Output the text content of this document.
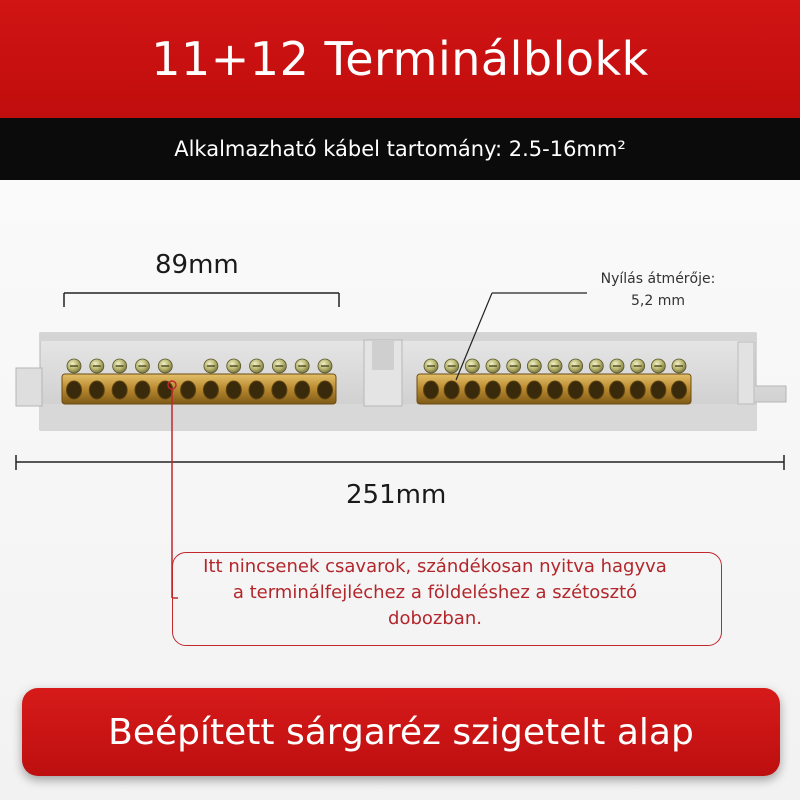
11+12 Terminálblokk
Alkalmazható kábel tartomány: 2.5-16mm²
89mm	Nyílás átmérője:
5,2 mm
251mm
Itt nincsenek csavarok, szándékosan nyitva hagyva a terminálfejléchez a földeléshez a szétosztó dobozban.
Beépített sárgaréz szigetelt alap
